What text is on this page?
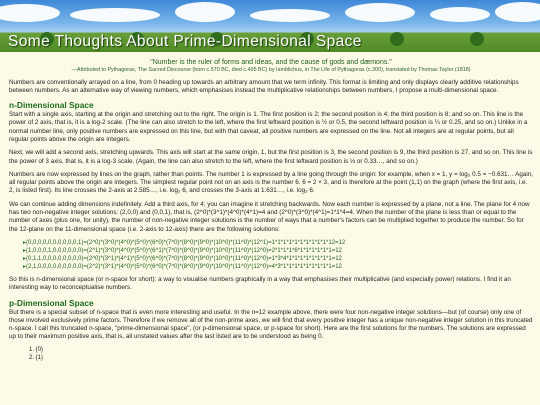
Some Thoughts About Prime-Dimensional Space

"Number is the ruler of forms and ideas, and the cause of gods and dæmons."

—Attributed to Pythagoras, The Sacred Discourse (born c.570 BC, died c.495 BC) by Iamblichus, in The Life of Pythagoras (c.300), translated by Thomas Taylor (1818)

Numbers are conventionally arrayed on a line, from 0 heading up towards an arbitrary amount that we term infinity. This format is limiting and only displays clearly additive relationships between numbers. As an alternative way of viewing numbers, which emphasises instead the multiplicative relationships between numbers, I propose a multi-dimensional space.

n-Dimensional Space

Start with a single axis, starting at the origin and stretching out to the right. The origin is 1. The first position is 2; the second position is 4; the third position is 8; and so on. This line is the power of 2 axis, that is, it is a log-2 scale. (The line can also stretch to the left, where the first leftward position is ½ or 0.5, the second leftward position is ¼ or 0.25, and so on.) Unlike in a normal number line, only positive numbers are expressed on this line, but with that caveat, all positive numbers are expressed on the line. Not all integers are at regular points, but all regular points above the origin are integers.

Next, we will add a second axis, stretching upwards. This axis will start at the same origin, 1, but the first position is 3, the second position is 9, the third position is 27, and so on. This line is the power of 3 axis, that is, it is a log-3 scale. (Again, the line can also stretch to the left, where the first leftward position is ⅓ or 0.33…, and so on.)

Numbers are now expressed by lines on the graph, rather than points. The number 1 is expressed by a line going through the origin: for example, when x = 1, y = log₃ 0.5 = −0.631… Again, all regular points above the origin are integers. The simplest regular point not on an axis is the number 6. 6 = 2 × 3, and is therefore at the point (1,1) on the graph (where the first axis, i.e. 2, is listed first). Its line crosses the 2-axis at 2.585…, i.e. log₂ 6, and crosses the 3-axis at 1.631…, i.e. log₃ 6.

We can continue adding dimensions indefinitely. Add a third axis, for 4; you can imagine it stretching backwards. Now each number is expressed by a plane, not a line. The plane for 4 now has two non-negative integer solutions: (2,0,0) and (0,0,1), that is, (2^0)*(3^1)*(4^0)*(4^1)=4 and (2^0)*(3^0)*(4^1)=1*1*4=4. When the number of the plane is less than or equal to the number of axes (plus one, for unity), the number of non-negative integer solutions is the number of ways that a number's factors can be multiplied together to produce the number. So for the 12-plane on the 11-dimensional space (i.e. 2-axis to 12-axis) there are the following solutions:

▸ (0,0,0,0,0,0,0,0,0,0,1)=(2^0)*(3^0)*(4^0)*(5^0)*(6^0)*(7^0)*(8^0)*(9^0)*(10^0)*(11^0)*(12^1)=1*1*1*1*1*1*1*1*1*1*12=12
▸ (1,0,0,0,1,0,0,0,0,0,0)=(2^1)*(3^0)*(4^0)*(5^0)*(6^1)*(7^0)*(8^0)*(9^0)*(10^0)*(11^0)*(12^0)=2*1*1*1*6*1*1*1*1*1*1=12
▸ (0,1,1,0,0,0,0,0,0,0,0)=(2^0)*(3^1)*(4^1)*(5^0)*(6^0)*(7^0)*(8^0)*(9^0)*(10^0)*(11^0)*(12^0)=1*3*4*1*1*1*1*1*1*1*1=12
▸ (2,1,0,0,0,0,0,0,0,0,0)=(2^2)*(3^1)*(4^0)*(5^0)*(6^0)*(7^0)*(8^0)*(9^0)*(10^0)*(11^0)*(12^0)=4*3*1*1*1*1*1*1*1*1*1=12

So this is n-dimensional space (or n-space for short): a way to visualise numbers graphically in a way that emphasises their multiplicative (and especially power) relations. I find it an interesting way to reconceptualise numbers.

p-Dimensional Space

But there is a special subset of n-space that is even more interesting and useful. In the n=12 example above, there were four non-negative integer solutions—but (of course) only one of those involved exclusively prime factors. Therefore if we remove all of the non-prime axes, we will find that every positive integer has a unique non-negative integer solution in this truncated n-space. I call this truncated n-space, "prime-dimensional space", (or p-dimensional space, or p-space for short). Here are the first solutions for the numbers. The solutions are expressed up to their maximum positive axis, that is, all unstated values after the last listed are to be understood as being 0.

1. {0}
2. {1}
